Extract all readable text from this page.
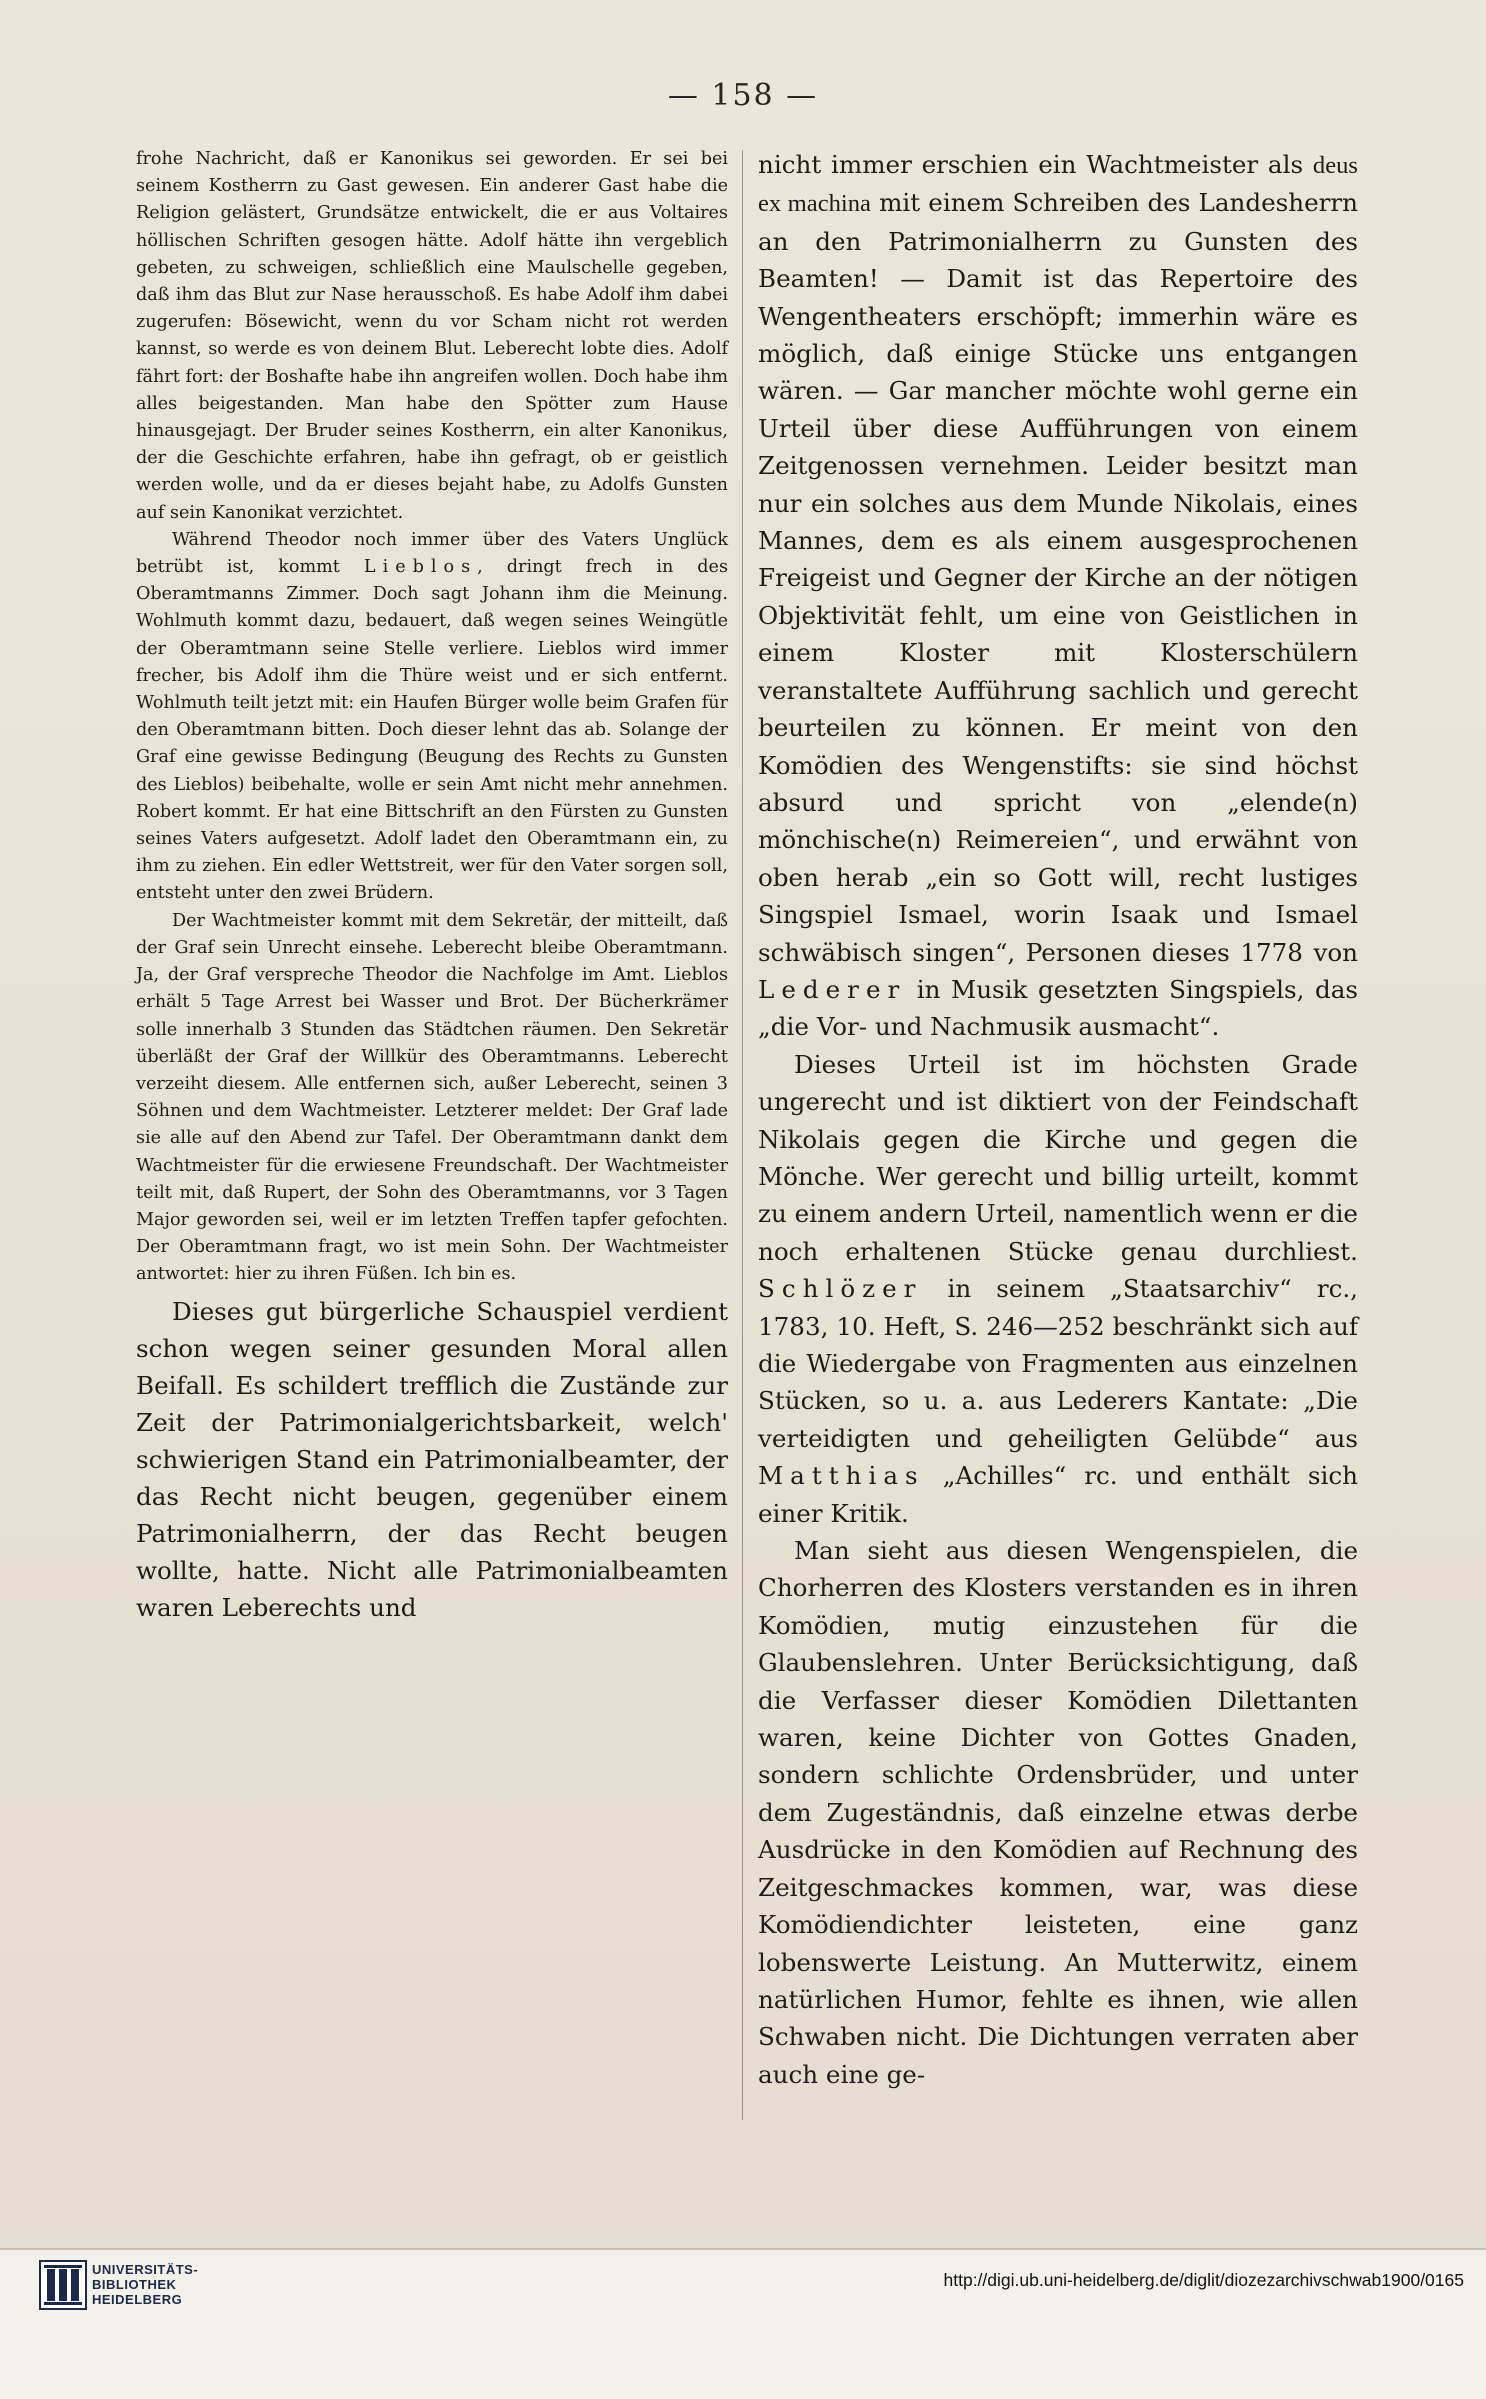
— 158 —

frohe Nachricht, daß er Kanonikus sei geworden. Er sei bei seinem Kostherrn zu Gast gewesen. Ein anderer Gast habe die Religion gelästert, Grundsätze entwickelt, die er aus Voltaires höllischen Schriften gesogen hätte. Adolf hätte ihn vergeblich gebeten, zu schweigen, schließlich eine Maulschelle gegeben, daß ihm das Blut zur Nase herausschoß. Es habe Adolf ihm dabei zugerufen: Bösewicht, wenn du vor Scham nicht rot werden kannst, so werde es von deinem Blut. Leberecht lobte dies. Adolf fährt fort: der Boshafte habe ihn angreifen wollen. Doch habe ihm alles beigestanden. Man habe den Spötter zum Hause hinausgejagt. Der Bruder seines Kostherrn, ein alter Kanonikus, der die Geschichte erfahren, habe ihn gefragt, ob er geistlich werden wolle, und da er dieses bejaht habe, zu Adolfs Gunsten auf sein Kanonikat verzichtet.

Während Theodor noch immer über des Vaters Unglück betrübt ist, kommt Lieblos, dringt frech in des Oberamtmanns Zimmer. Doch sagt Johann ihm die Meinung. Wohlmuth kommt dazu, bedauert, daß wegen seines Weingütle der Oberamtmann seine Stelle verliere. Lieblos wird immer frecher, bis Adolf ihm die Thüre weist und er sich entfernt. Wohlmuth teilt jetzt mit: ein Haufen Bürger wolle beim Grafen für den Oberamtmann bitten. Doch dieser lehnt das ab. Solange der Graf eine gewisse Bedingung (Beugung des Rechts zu Gunsten des Lieblos) beibehalte, wolle er sein Amt nicht mehr annehmen. Robert kommt. Er hat eine Bittschrift an den Fürsten zu Gunsten seines Vaters aufgesetzt. Adolf ladet den Oberamtmann ein, zu ihm zu ziehen. Ein edler Wettstreit, wer für den Vater sorgen soll, entsteht unter den zwei Brüdern.

Der Wachtmeister kommt mit dem Sekretär, der mitteilt, daß der Graf sein Unrecht einsehe. Leberecht bleibe Oberamtmann. Ja, der Graf verspreche Theodor die Nachfolge im Amt. Lieblos erhält 5 Tage Arrest bei Wasser und Brot. Der Bücherkrämer solle innerhalb 3 Stunden das Städtchen räumen. Den Sekretär überläßt der Graf der Willkür des Oberamtmanns. Leberecht verzeiht diesem. Alle entfernen sich, außer Leberecht, seinen 3 Söhnen und dem Wachtmeister. Letzterer meldet: Der Graf lade sie alle auf den Abend zur Tafel. Der Oberamtmann dankt dem Wachtmeister für die erwiesene Freundschaft. Der Wachtmeister teilt mit, daß Rupert, der Sohn des Oberamtmanns, vor 3 Tagen Major geworden sei, weil er im letzten Treffen tapfer gefochten. Der Oberamtmann fragt, wo ist mein Sohn. Der Wachtmeister antwortet: hier zu ihren Füßen. Ich bin es.

Dieses gut bürgerliche Schauspiel verdient schon wegen seiner gesunden Moral allen Beifall. Es schildert trefflich die Zustände zur Zeit der Patrimonialgerichtsbarkeit, welch' schwierigen Stand ein Patrimonialbeamter, der das Recht nicht beugen, gegenüber einem Patrimonialherrn, der das Recht beugen wollte, hatte. Nicht alle Patrimonialbeamten waren Leberechts und

nicht immer erschien ein Wachtmeister als deus ex machina mit einem Schreiben des Landesherrn an den Patrimonialherrn zu Gunsten des Beamten! — Damit ist das Repertoire des Wengentheaters erschöpft; immerhin wäre es möglich, daß einige Stücke uns entgangen wären. — Gar mancher möchte wohl gerne ein Urteil über diese Aufführungen von einem Zeitgenossen vernehmen. Leider besitzt man nur ein solches aus dem Munde Nikolais, eines Mannes, dem es als einem ausgesprochenen Freigeist und Gegner der Kirche an der nötigen Objektivität fehlt, um eine von Geistlichen in einem Kloster mit Klosterschülern veranstaltete Aufführung sachlich und gerecht beurteilen zu können. Er meint von den Komödien des Wengenstifts: sie sind höchst absurd und spricht von „elende(n) mönchische(n) Reimereien“, und erwähnt von oben herab „ein so Gott will, recht lustiges Singspiel Ismael, worin Isaak und Ismael schwäbisch singen“, Personen dieses 1778 von Lederer in Musik gesetzten Singspiels, das „die Vor- und Nachmusik ausmacht“.

Dieses Urteil ist im höchsten Grade ungerecht und ist diktiert von der Feindschaft Nikolais gegen die Kirche und gegen die Mönche. Wer gerecht und billig urteilt, kommt zu einem andern Urteil, namentlich wenn er die noch erhaltenen Stücke genau durchliest. Schlözer in seinem „Staatsarchiv“ rc., 1783, 10. Heft, S. 246—252 beschränkt sich auf die Wiedergabe von Fragmenten aus einzelnen Stücken, so u. a. aus Lederers Kantate: „Die verteidigten und geheiligten Gelübde“ aus Matthias „Achilles“ rc. und enthält sich einer Kritik.

Man sieht aus diesen Wengenspielen, die Chorherren des Klosters verstanden es in ihren Komödien, mutig einzustehen für die Glaubenslehren. Unter Berücksichtigung, daß die Verfasser dieser Komödien Dilettanten waren, keine Dichter von Gottes Gnaden, sondern schlichte Ordensbrüder, und unter dem Zugeständnis, daß einzelne etwas derbe Ausdrücke in den Komödien auf Rechnung des Zeitgeschmackes kommen, war, was diese Komödiendichter leisteten, eine ganz lobenswerte Leistung. An Mutterwitz, einem natürlichen Humor, fehlte es ihnen, wie allen Schwaben nicht. Die Dichtungen verraten aber auch eine ge-

UNIVERSITÄTS-
BIBLIOTHEK
HEIDELBERG
http://digi.ub.uni-heidelberg.de/diglit/diozezarchivschwab1900/0165
